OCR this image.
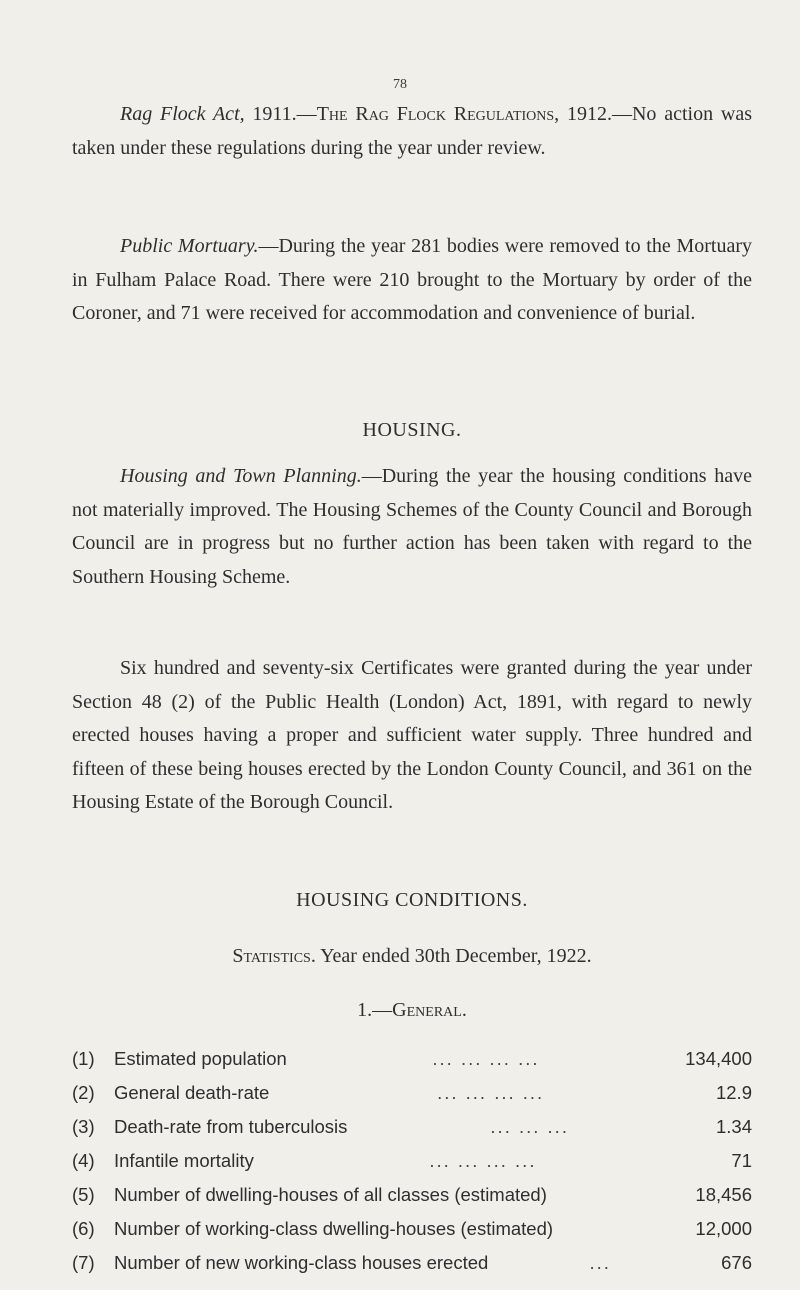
78

Rag Flock Act, 1911.—The Rag Flock Regulations, 1912.—No action was taken under these regulations during the year under review.

Public Mortuary.—During the year 281 bodies were removed to the Mortuary in Fulham Palace Road. There were 210 brought to the Mortuary by order of the Coroner, and 71 were received for accommodation and convenience of burial.

HOUSING.

Housing and Town Planning.—During the year the housing conditions have not materially improved. The Housing Schemes of the County Council and Borough Council are in progress but no further action has been taken with regard to the Southern Housing Scheme.

Six hundred and seventy-six Certificates were granted during the year under Section 48 (2) of the Public Health (London) Act, 1891, with regard to newly erected houses having a proper and sufficient water supply. Three hundred and fifteen of these being houses erected by the London County Council, and 361 on the Housing Estate of the Borough Council.

HOUSING CONDITIONS.
Statistics. Year ended 30th December, 1922.
1.—General.
(1)	Estimated population	... ... ... ...	134,400
(2)	General death-rate	... ... ... ...	12.9
(3)	Death-rate from tuberculosis	... ... ...	1.34
(4)	Infantile mortality	... ... ... ...	71
(5)	Number of dwelling-houses of all classes (estimated)	18,456
(6)	Number of working-class dwelling-houses (estimated)	12,000
(7)	Number of new working-class houses erected	...	676
